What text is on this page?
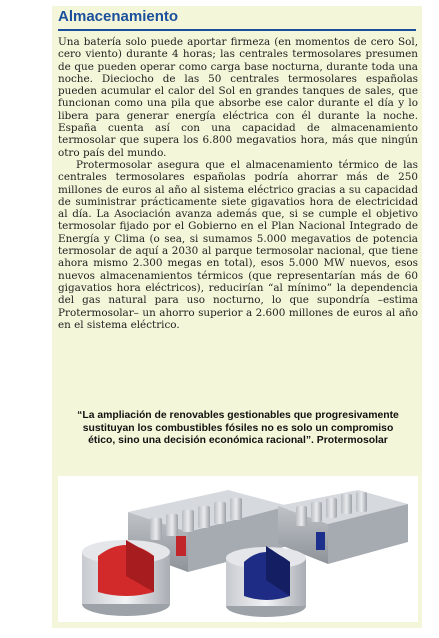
Almacenamiento

Una batería solo puede aportar firmeza (en momentos de cero Sol, cero viento) durante 4 horas; las centrales termosolares presumen de que pueden operar como carga base nocturna, durante toda una noche. Dieciocho de las 50 centrales termosolares españolas pueden acumular el calor del Sol en grandes tanques de sales, que funcionan como una pila que absorbe ese calor durante el día y lo libera para generar energía eléctrica con él durante la noche. España cuenta así con una capacidad de almacenamiento termosolar que supera los 6.800 megavatios hora, más que ningún otro país del mundo.

Protermosolar asegura que el almacenamiento térmico de las centrales termosolares españolas podría ahorrar más de 250 millones de euros al año al sistema eléctrico gracias a su capacidad de suministrar prácticamente siete gigavatios hora de electricidad al día. La Asociación avanza además que, si se cumple el objetivo termosolar fijado por el Gobierno en el Plan Nacional Integrado de Energía y Clima (o sea, si sumamos 5.000 megavatios de potencia termosolar de aquí a 2030 al parque termosolar nacional, que tiene ahora mismo 2.300 megas en total), esos 5.000 MW nuevos, esos nuevos almacenamientos térmicos (que representarían más de 60 gigavatios hora eléctricos), reducirían “al mínimo” la dependencia del gas natural para uso nocturno, lo que supondría –estima Protermosolar– un ahorro superior a 2.600 millones de euros al año en el sistema eléctrico.

“La ampliación de renovables gestionables que progresivamente sustituyan los combustibles fósiles no es solo un compromiso ético, sino una decisión económica racional”. Protermosolar
